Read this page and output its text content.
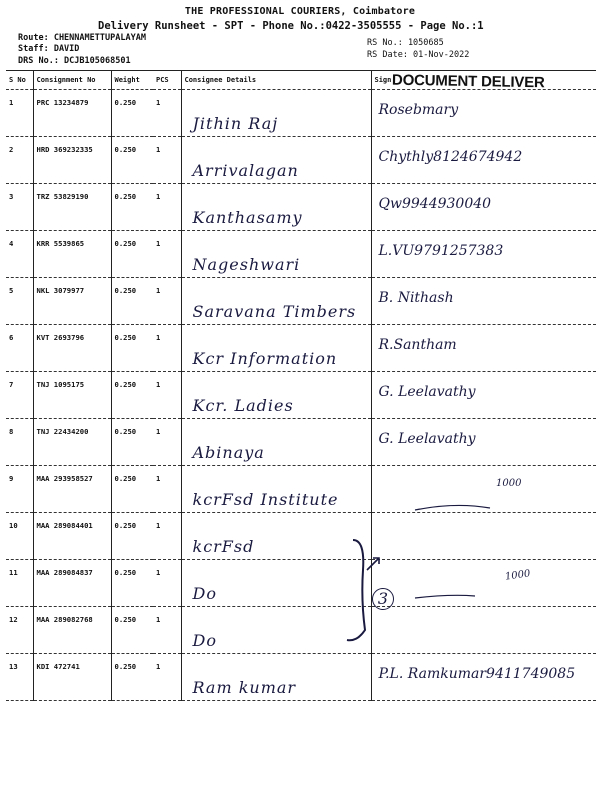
THE PROFESSIONAL COURIERS, Coimbatore
Delivery Runsheet - SPT - Phone No.:0422-3505555 - Page No.:1
Route: CHENNAMETTUPALAYAM
Staff: DAVID
DRS No.: DCJB105068501
RS No.: 1050685
RS Date: 01-Nov-2022
S No	Consignment No	Weight	PCS	Consignee Details	Sign
1	PRC 13234879	0.250	1	Jithin Raj	Rosebmary
2	HRD 369232335	0.250	1	Arrivalagan	Chythly8124674942
3	TRZ 53829190	0.250	1	Kanthasamy	Qw9944930040
4	KRR 5539865	0.250	1	Nageshwari	L.VU9791257383
5	NKL 3079977	0.250	1	Saravana Timbers	B. Nithash
6	KVT 2693796	0.250	1	Kcr Information	R.Santham
7	TNJ 1095175	0.250	1	Kcr. Ladies	G. Leelavathy
8	TNJ 22434200	0.250	1	Abinaya	G. Leelavathy
9	MAA 293958527	0.250	1	kcrFsd Institute	
10	MAA 289084401	0.250	1	kcrFsd	
11	MAA 289084837	0.250	1	Do	
12	MAA 289082768	0.250	1	Do	
13	KDI 472741	0.250	1	Ram kumar	P.L. Ramkumar9411749085
DOCUMENT DELIVER
1000
1000
3
